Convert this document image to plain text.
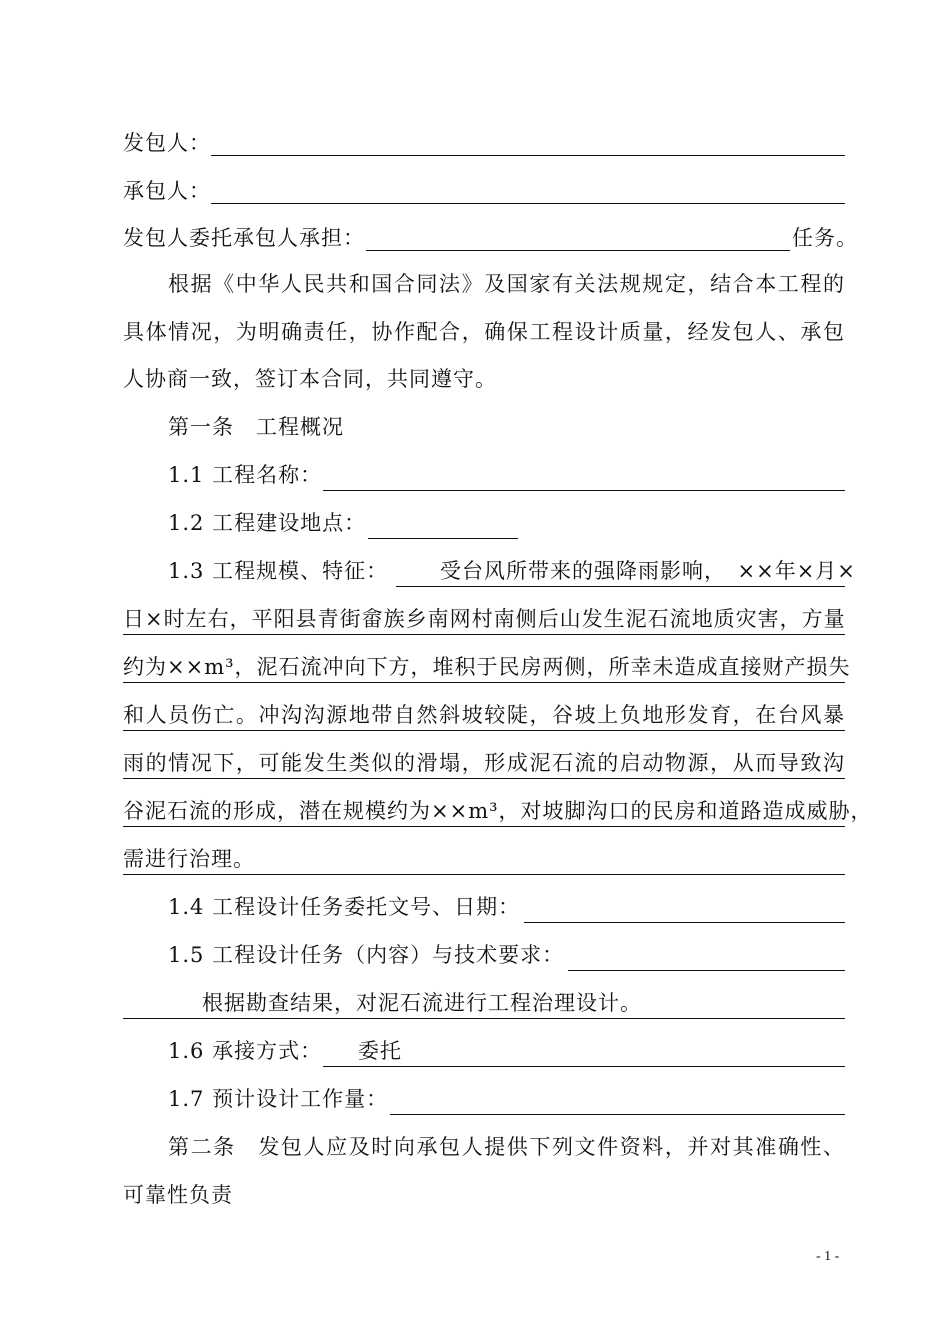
发包人：
承包人：
发包人委托承包人承担：	任务。
根据《中华人民共和国合同法》及国家有关法规规定，结合本工程的
具体情况，为明确责任，协作配合，确保工程设计质量，经发包人、承包
人协商一致，签订本合同，共同遵守。
第一条　工程概况
1.1 工程名称：
1.2 工程建设地点：
1.3 工程规模、特征： 受台风所带来的强降雨影响，　××年×月×
日×时左右，平阳县青街畲族乡南网村南侧后山发生泥石流地质灾害，方量
约为××m³，泥石流冲向下方，堆积于民房两侧，所幸未造成直接财产损失
和人员伤亡。冲沟沟源地带自然斜坡较陡，谷坡上负地形发育，在台风暴
雨的情况下，可能发生类似的滑塌，形成泥石流的启动物源，从而导致沟
谷泥石流的形成，潜在规模约为××m³，对坡脚沟口的民房和道路造成威胁，
需进行治理。
1.4 工程设计任务委托文号、日期：
1.5 工程设计任务（内容）与技术要求：
根据勘查结果，对泥石流进行工程治理设计。
1.6 承接方式： 委托
1.7 预计设计工作量：
第二条　发包人应及时向承包人提供下列文件资料，并对其准确性、
可靠性负责
- 1 -
